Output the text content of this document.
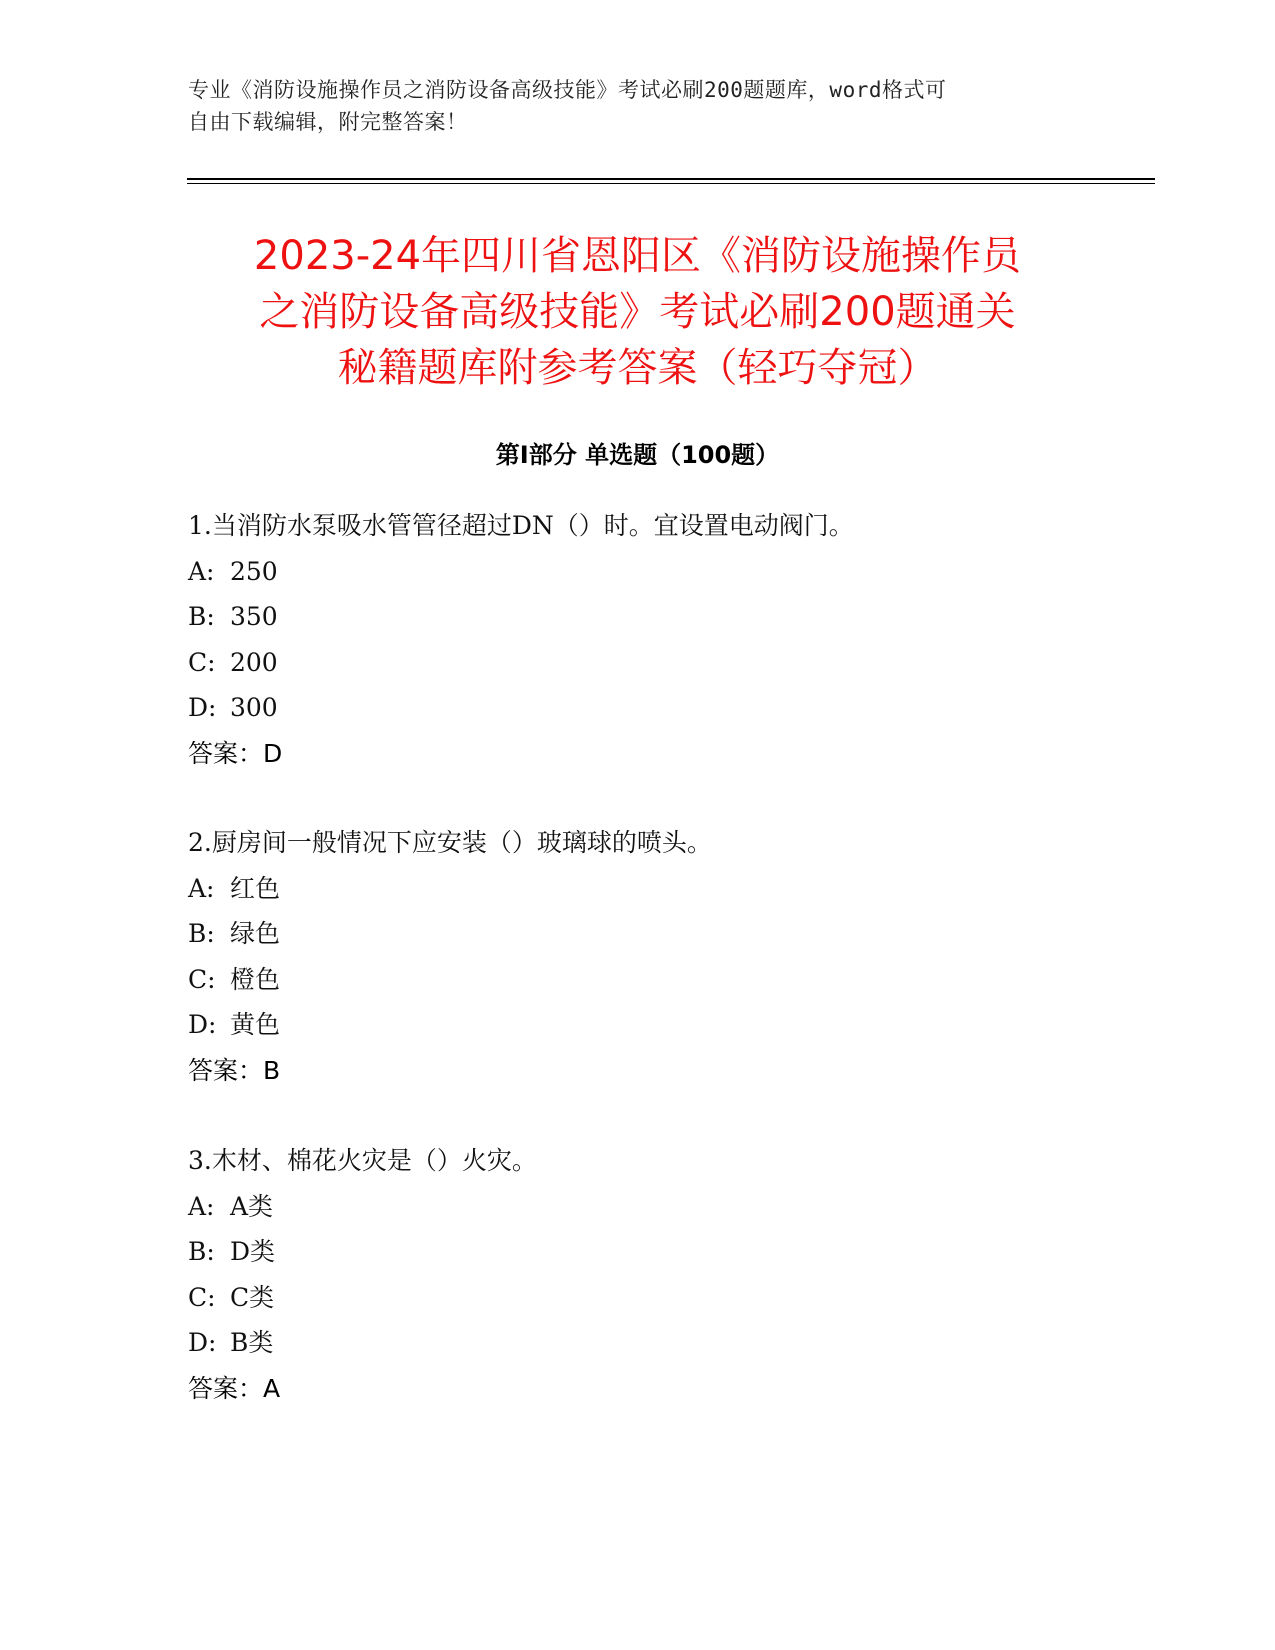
专业《消防设施操作员之消防设备高级技能》考试必刷200题题库，word格式可
自由下载编辑，附完整答案！
2023-24年四川省恩阳区《消防设施操作员
之消防设备高级技能》考试必刷200题通关
秘籍题库附参考答案（轻巧夺冠）
第Ⅰ部分 单选题（100题）
1.当消防水泵吸水管管径超过DN（）时。宜设置电动阀门。
A: 250
B: 350
C: 200
D: 300
答案：D
2.厨房间一般情况下应安装（）玻璃球的喷头。
A: 红色
B: 绿色
C: 橙色
D: 黄色
答案：B
3.木材、棉花火灾是（）火灾。
A: A类
B: D类
C: C类
D: B类
答案：A
